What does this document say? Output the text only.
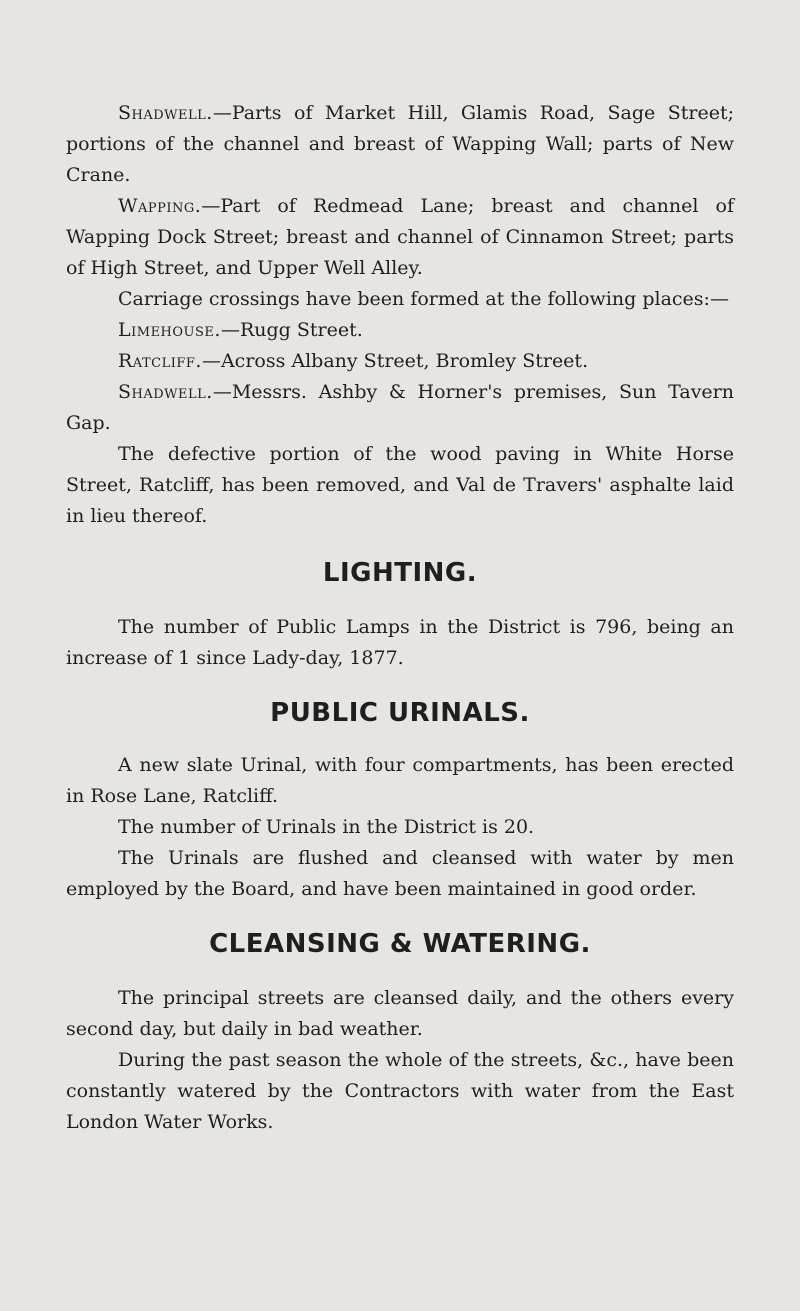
Shadwell.—Parts of Market Hill, Glamis Road, Sage Street; portions of the channel and breast of Wapping Wall; parts of New Crane.

Wapping.—Part of Redmead Lane; breast and channel of Wapping Dock Street; breast and channel of Cinnamon Street; parts of High Street, and Upper Well Alley.

Carriage crossings have been formed at the following places:—

Limehouse.—Rugg Street.

Ratcliff.—Across Albany Street, Bromley Street.

Shadwell.—Messrs. Ashby & Horner's premises, Sun Tavern Gap.

The defective portion of the wood paving in White Horse Street, Ratcliff, has been removed, and Val de Travers' asphalte laid in lieu thereof.

LIGHTING.

The number of Public Lamps in the District is 796, being an increase of 1 since Lady-day, 1877.

PUBLIC URINALS.

A new slate Urinal, with four compartments, has been erected in Rose Lane, Ratcliff.

The number of Urinals in the District is 20.

The Urinals are flushed and cleansed with water by men employed by the Board, and have been maintained in good order.

CLEANSING & WATERING.

The principal streets are cleansed daily, and the others every second day, but daily in bad weather.

During the past season the whole of the streets, &c., have been constantly watered by the Contractors with water from the East London Water Works.
